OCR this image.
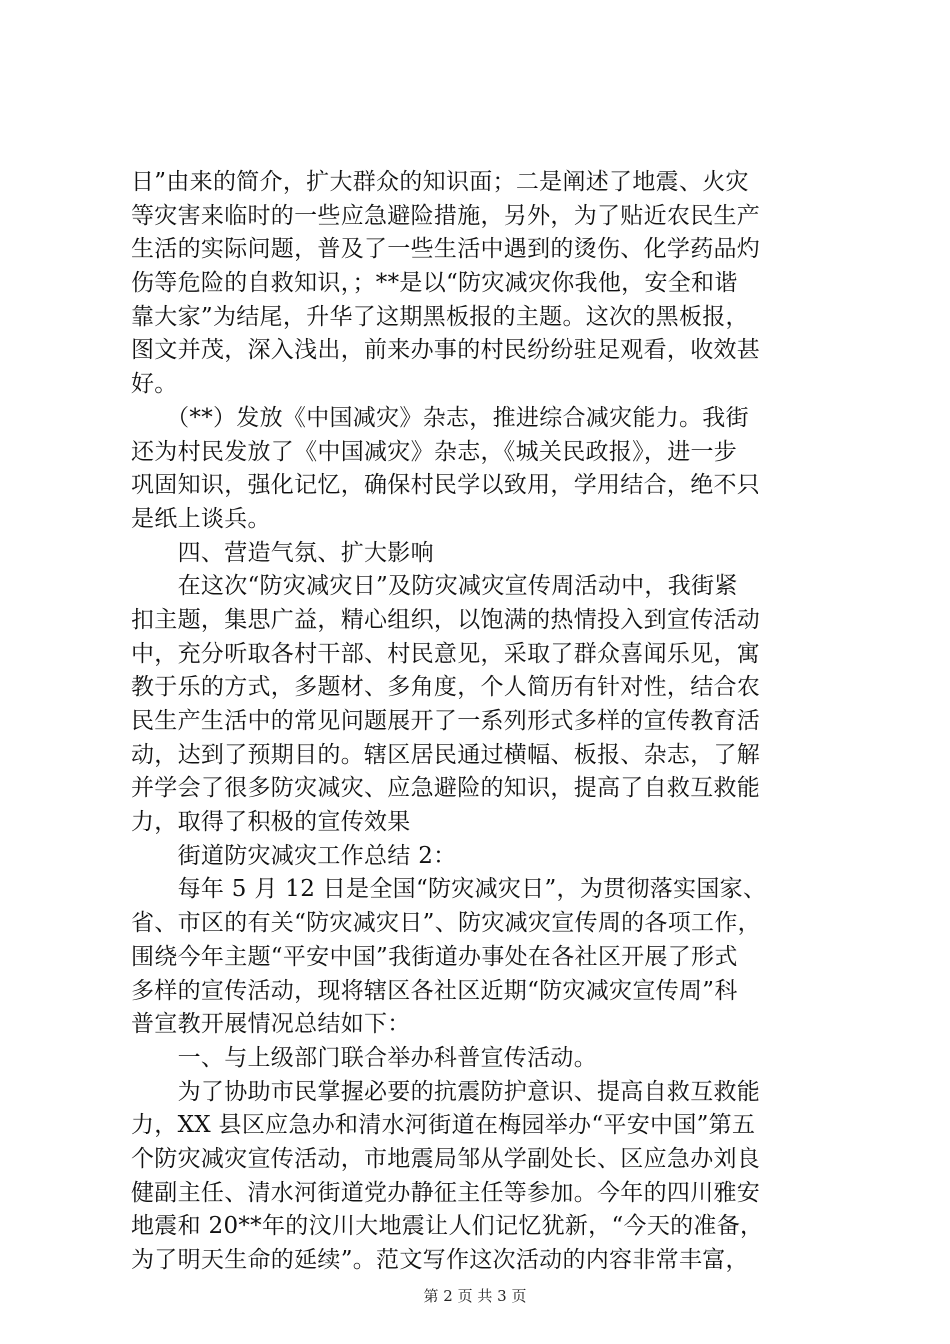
日”由来的简介，扩大群众的知识面；二是阐述了地震、火灾
等灾害来临时的一些应急避险措施，另外，为了贴近农民生产
生活的实际问题，普及了一些生活中遇到的烫伤、化学药品灼
伤等危险的自救知识，；**是以“防灾减灾你我他，安全和谐
靠大家”为结尾，升华了这期黑板报的主题。这次的黑板报，
图文并茂，深入浅出，前来办事的村民纷纷驻足观看，收效甚
好。
　　（**）发放《中国减灾》杂志，推进综合减灾能力。我街
还为村民发放了《中国减灾》杂志，《城关民政报》，进一步
巩固知识，强化记忆，确保村民学以致用，学用结合，绝不只
是纸上谈兵。
　　四、营造气氛、扩大影响
　　在这次“防灾减灾日”及防灾减灾宣传周活动中，我街紧
扣主题，集思广益，精心组织，以饱满的热情投入到宣传活动
中，充分听取各村干部、村民意见，采取了群众喜闻乐见，寓
教于乐的方式，多题材、多角度，个人简历有针对性，结合农
民生产生活中的常见问题展开了一系列形式多样的宣传教育活
动，达到了预期目的。辖区居民通过横幅、板报、杂志，了解
并学会了很多防灾减灾、应急避险的知识，提高了自救互救能
力，取得了积极的宣传效果
　　街道防灾减灾工作总结 2：
　　每年 5 月 12 日是全国“防灾减灾日”，为贯彻落实国家、
省、市区的有关“防灾减灾日”、防灾减灾宣传周的各项工作，
围绕今年主题“平安中国”我街道办事处在各社区开展了形式
多样的宣传活动，现将辖区各社区近期“防灾减灾宣传周”科
普宣教开展情况总结如下：
　　一、与上级部门联合举办科普宣传活动。
　　为了协助市民掌握必要的抗震防护意识、提高自救互救能
力，XX 县区应急办和清水河街道在梅园举办“平安中国”第五
个防灾减灾宣传活动，市地震局邹从学副处长、区应急办刘良
健副主任、清水河街道党办静征主任等参加。今年的四川雅安
地震和 20**年的汶川大地震让人们记忆犹新，“今天的准备，
为了明天生命的延续”。范文写作这次活动的内容非常丰富，
第 2 页 共 3 页
